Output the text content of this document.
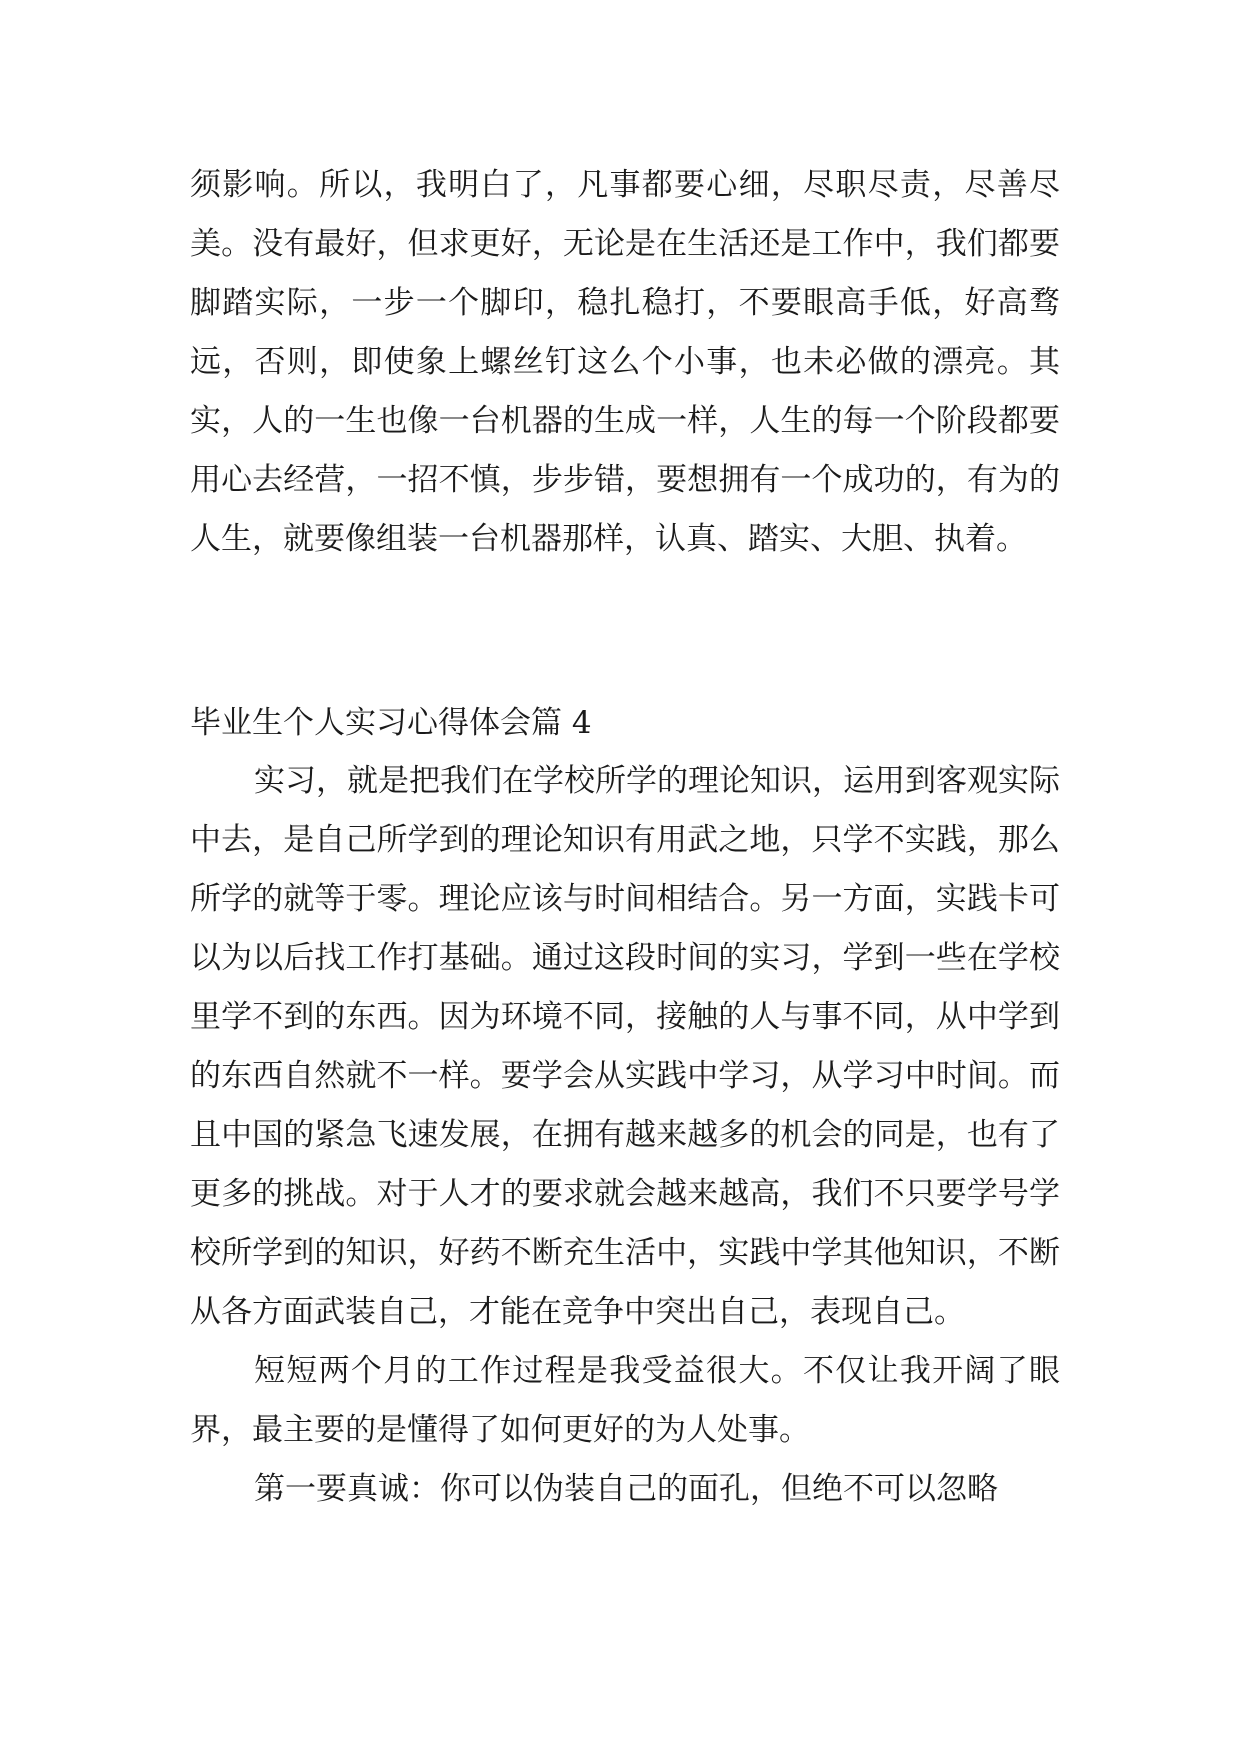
须影响。所以，我明白了，凡事都要心细，尽职尽责，尽善尽美。没有最好，但求更好，无论是在生活还是工作中，我们都要脚踏实际，一步一个脚印，稳扎稳打，不要眼高手低，好高骛远，否则，即使象上螺丝钉这么个小事，也未必做的漂亮。其实，人的一生也像一台机器的生成一样，人生的每一个阶段都要用心去经营，一招不慎，步步错，要想拥有一个成功的，有为的人生，就要像组装一台机器那样，认真、踏实、大胆、执着。

毕业生个人实习心得体会篇 4

实习，就是把我们在学校所学的理论知识，运用到客观实际中去，是自己所学到的理论知识有用武之地，只学不实践，那么所学的就等于零。理论应该与时间相结合。另一方面，实践卡可以为以后找工作打基础。通过这段时间的实习，学到一些在学校里学不到的东西。因为环境不同，接触的人与事不同，从中学到的东西自然就不一样。要学会从实践中学习，从学习中时间。而且中国的紧急飞速发展，在拥有越来越多的机会的同是，也有了更多的挑战。对于人才的要求就会越来越高，我们不只要学号学校所学到的知识，好药不断充生活中，实践中学其他知识，不断从各方面武装自己，才能在竞争中突出自己，表现自己。

短短两个月的工作过程是我受益很大。不仅让我开阔了眼界，最主要的是懂得了如何更好的为人处事。

第一要真诚：你可以伪装自己的面孔，但绝不可以忽略
